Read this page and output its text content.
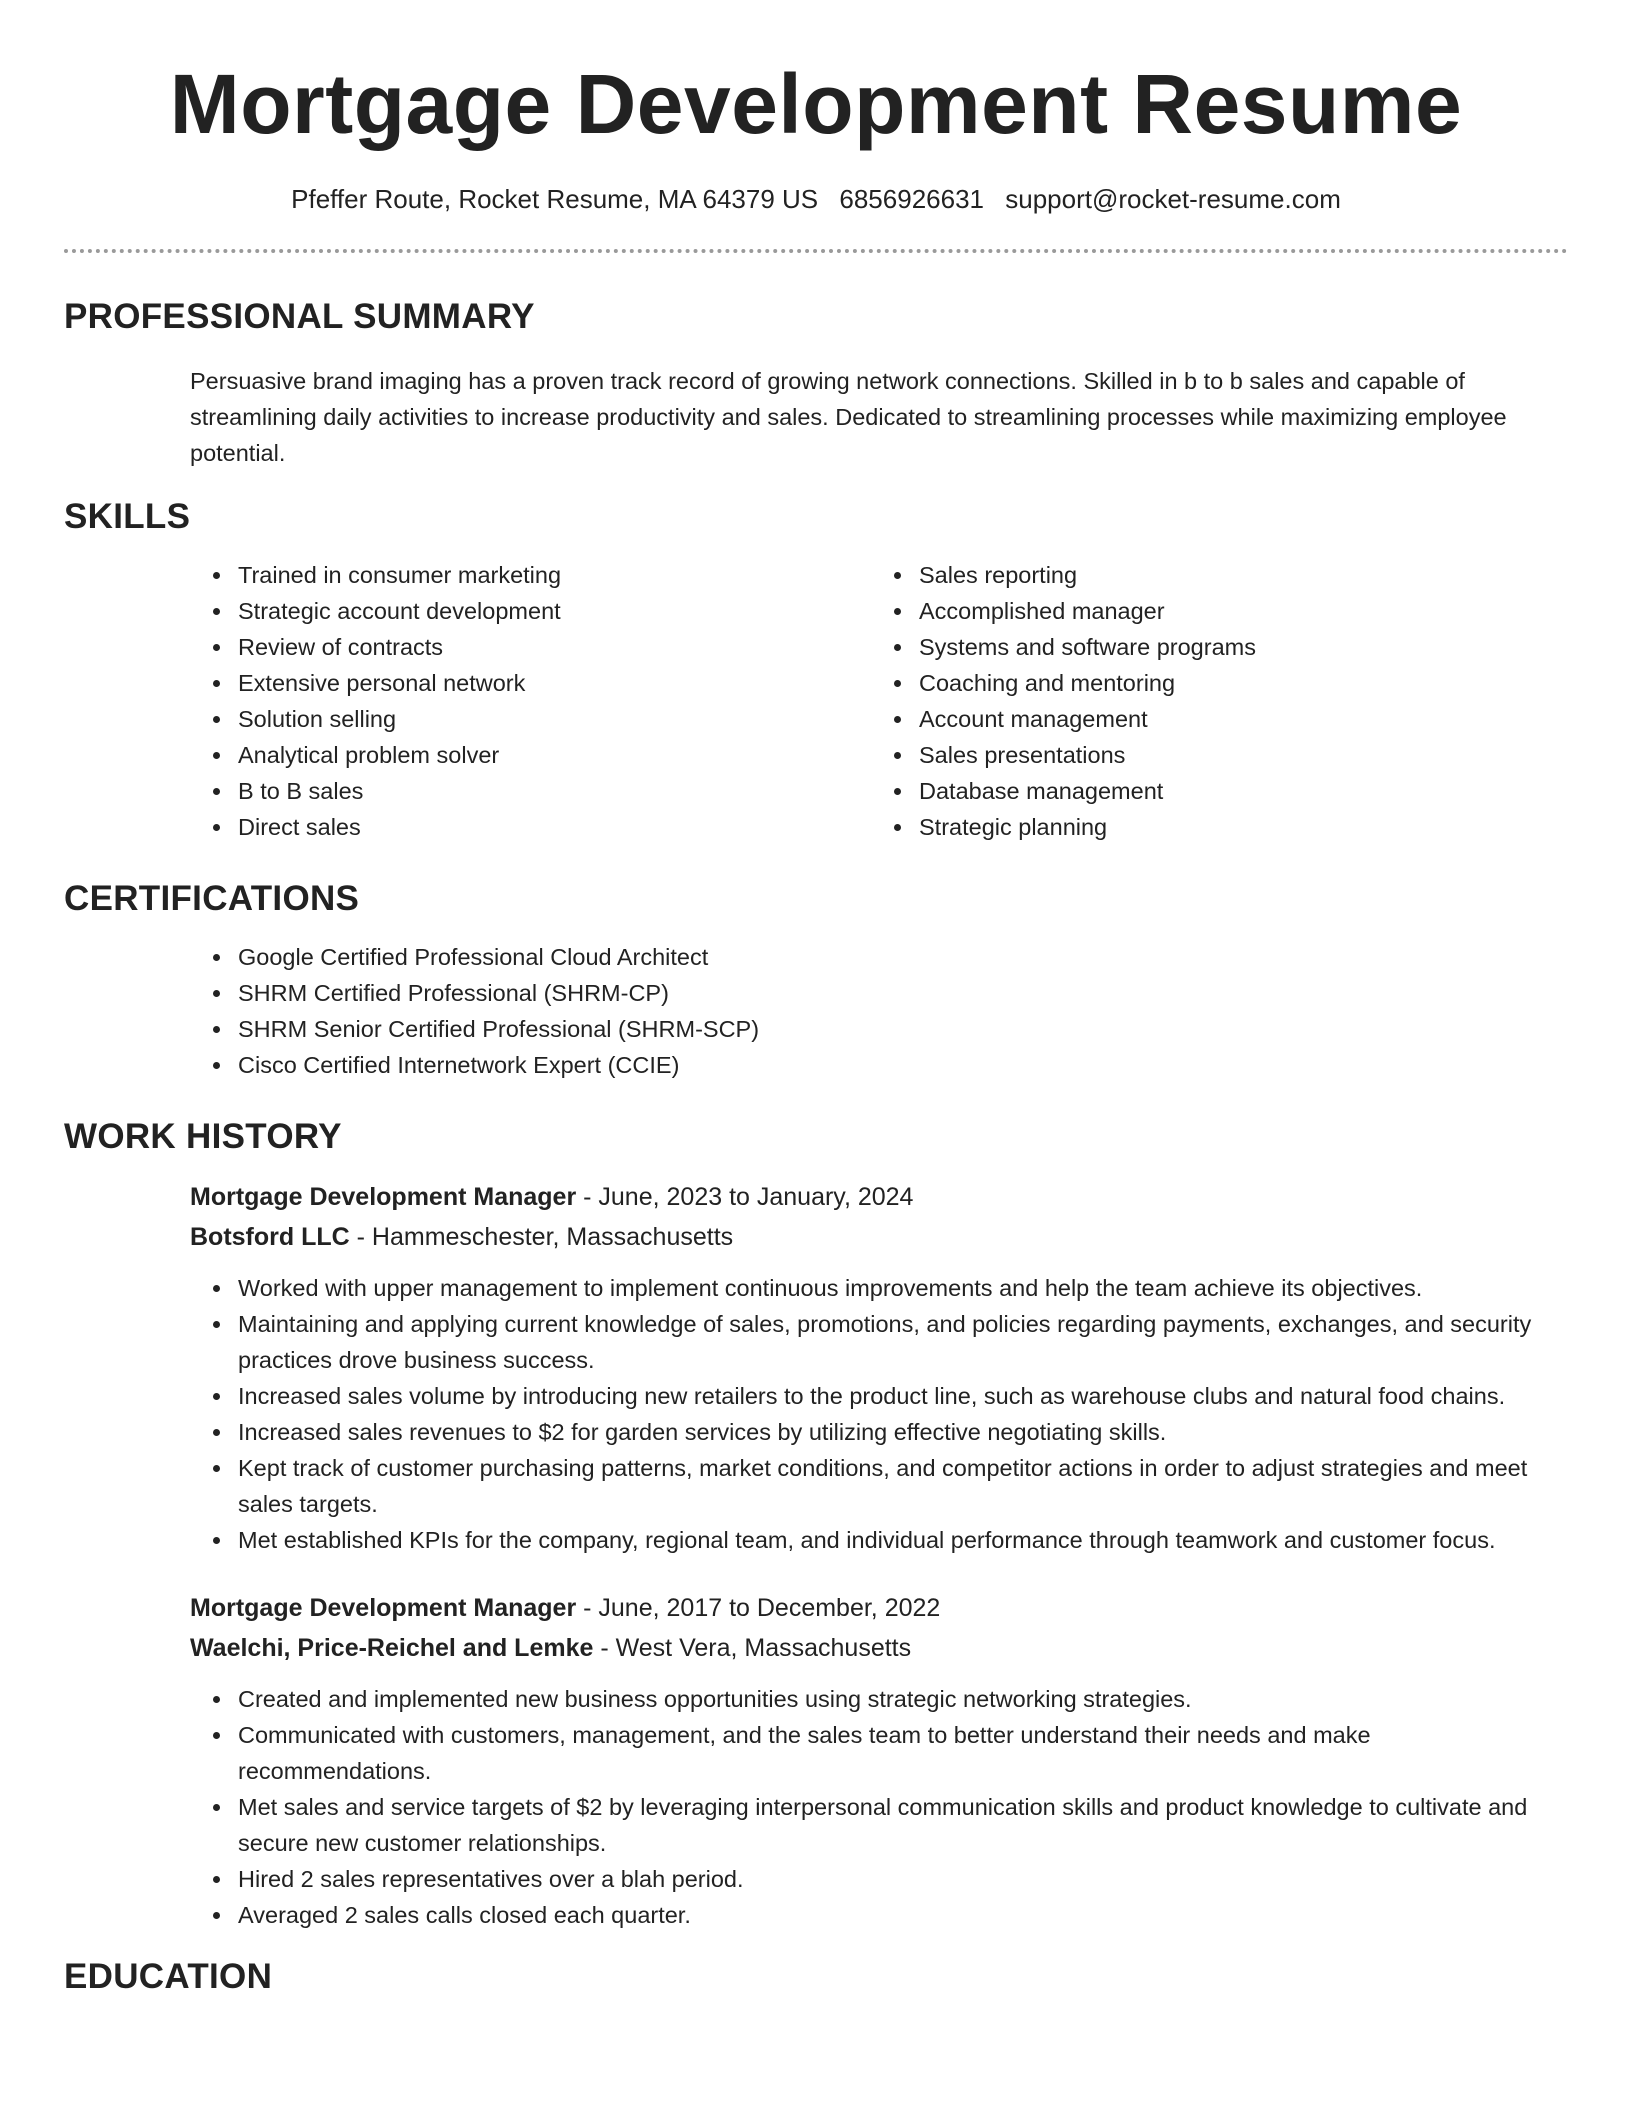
Mortgage Development Resume
Pfeffer Route, Rocket Resume, MA 64379 US 6856926631 support@rocket-resume.com
PROFESSIONAL SUMMARY

Persuasive brand imaging has a proven track record of growing network connections. Skilled in b to b sales and capable of streamlining daily activities to increase productivity and sales. Dedicated to streamlining processes while maximizing employee potential.

SKILLS
• Trained in consumer marketing
• Strategic account development
• Review of contracts
• Extensive personal network
• Solution selling
• Analytical problem solver
• B to B sales
• Direct sales
• Sales reporting
• Accomplished manager
• Systems and software programs
• Coaching and mentoring
• Account management
• Sales presentations
• Database management
• Strategic planning
CERTIFICATIONS
• Google Certified Professional Cloud Architect
• SHRM Certified Professional (SHRM-CP)
• SHRM Senior Certified Professional (SHRM-SCP)
• Cisco Certified Internetwork Expert (CCIE)
WORK HISTORY
Mortgage Development Manager - June, 2023 to January, 2024
Botsford LLC - Hammeschester, Massachusetts
• Worked with upper management to implement continuous improvements and help the team achieve its objectives.
• Maintaining and applying current knowledge of sales, promotions, and policies regarding payments, exchanges, and security practices drove business success.
• Increased sales volume by introducing new retailers to the product line, such as warehouse clubs and natural food chains.
• Increased sales revenues to $2 for garden services by utilizing effective negotiating skills.
• Kept track of customer purchasing patterns, market conditions, and competitor actions in order to adjust strategies and meet sales targets.
• Met established KPIs for the company, regional team, and individual performance through teamwork and customer focus.
Mortgage Development Manager - June, 2017 to December, 2022
Waelchi, Price-Reichel and Lemke - West Vera, Massachusetts
• Created and implemented new business opportunities using strategic networking strategies.
• Communicated with customers, management, and the sales team to better understand their needs and make recommendations.
• Met sales and service targets of $2 by leveraging interpersonal communication skills and product knowledge to cultivate and secure new customer relationships.
• Hired 2 sales representatives over a blah period.
• Averaged 2 sales calls closed each quarter.
EDUCATION
